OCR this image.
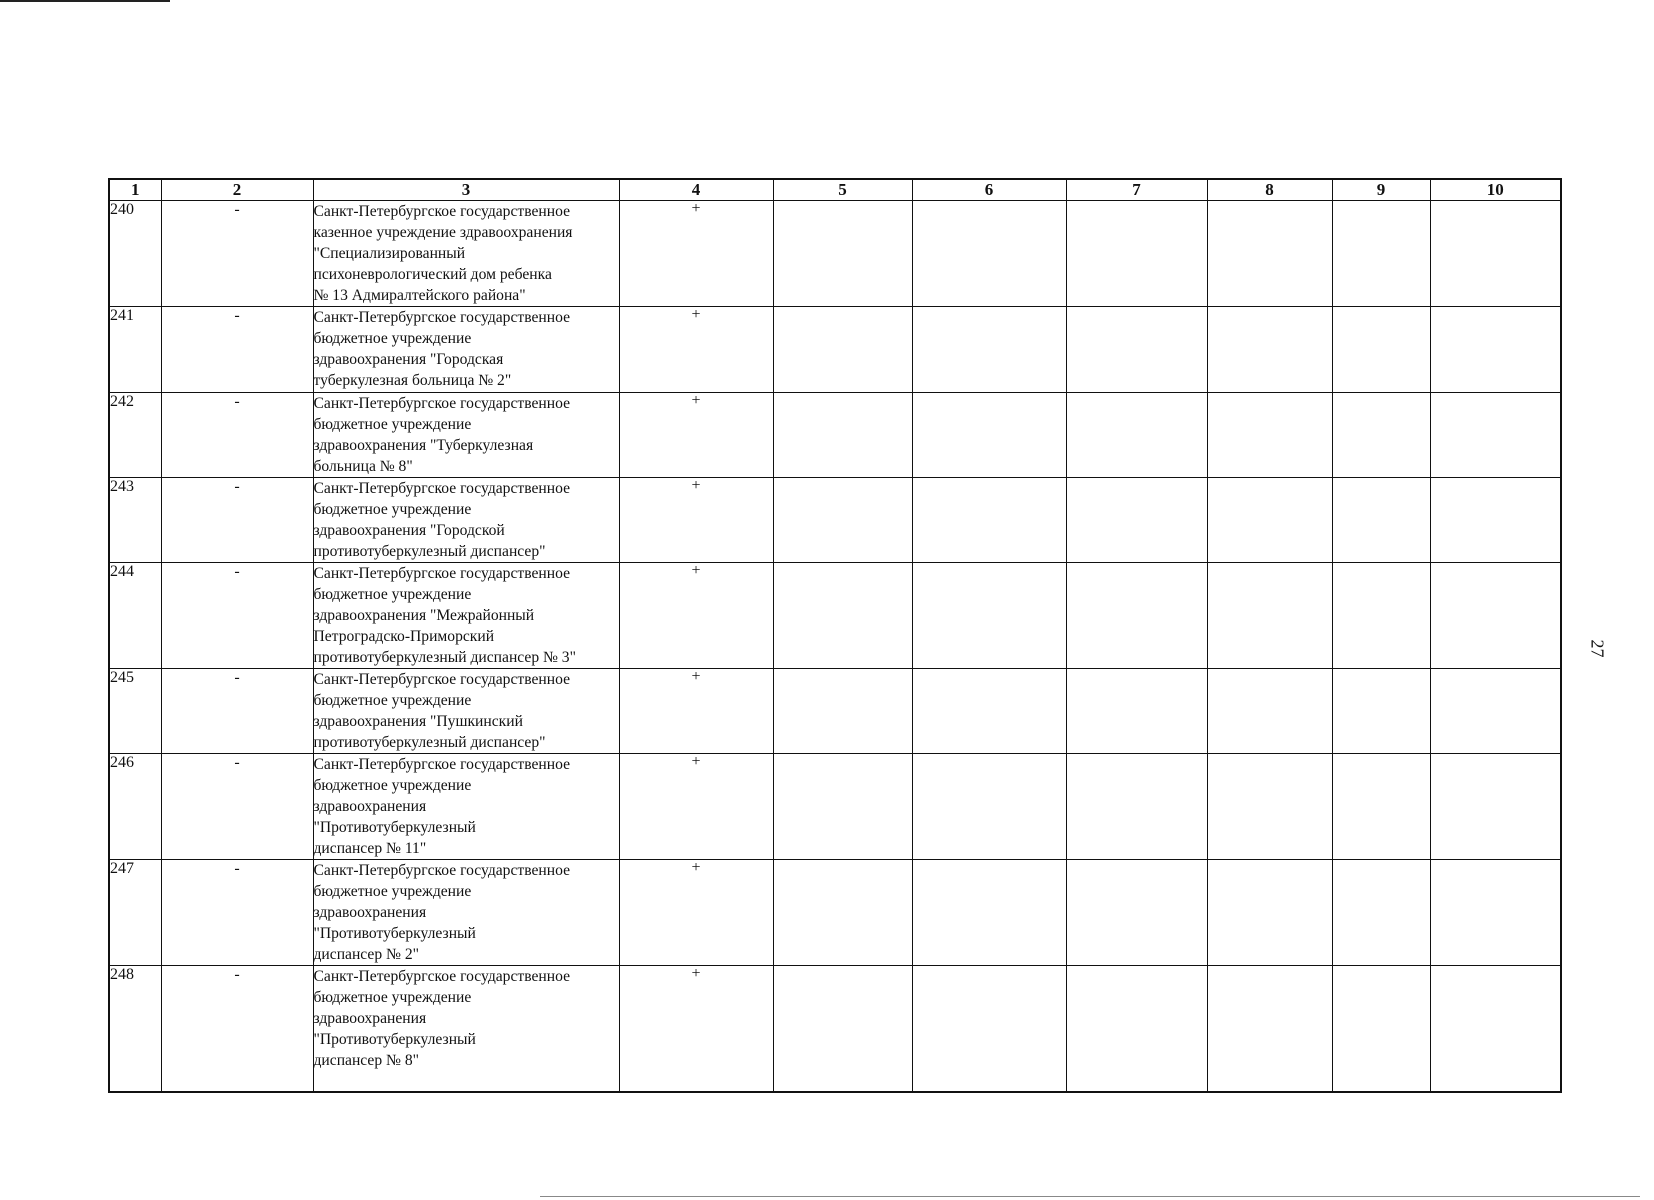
1	2	3	4	5	6	7	8	9	10
240	-	Санкт-Петербургское государственное
казенное учреждение здравоохранения
"Специализированный
психоневрологический дом ребенка
№ 13 Адмиралтейского района"	+						
241	-	Санкт-Петербургское государственное
бюджетное учреждение
здравоохранения "Городская
туберкулезная больница № 2"	+						
242	-	Санкт-Петербургское государственное
бюджетное учреждение
здравоохранения "Туберкулезная
больница № 8"	+						
243	-	Санкт-Петербургское государственное
бюджетное учреждение
здравоохранения "Городской
противотуберкулезный диспансер"	+						
244	-	Санкт-Петербургское государственное
бюджетное учреждение
здравоохранения "Межрайонный
Петроградско-Приморский
противотуберкулезный диспансер № 3"	+						
245	-	Санкт-Петербургское государственное
бюджетное учреждение
здравоохранения "Пушкинский
противотуберкулезный диспансер"	+						
246	-	Санкт-Петербургское государственное
бюджетное учреждение
здравоохранения
"Противотуберкулезный
диспансер № 11"	+						
247	-	Санкт-Петербургское государственное
бюджетное учреждение
здравоохранения
"Противотуберкулезный
диспансер № 2"	+						
248	-	Санкт-Петербургское государственное
бюджетное учреждение
здравоохранения
"Противотуберкулезный
диспансер № 8"	+						
27
